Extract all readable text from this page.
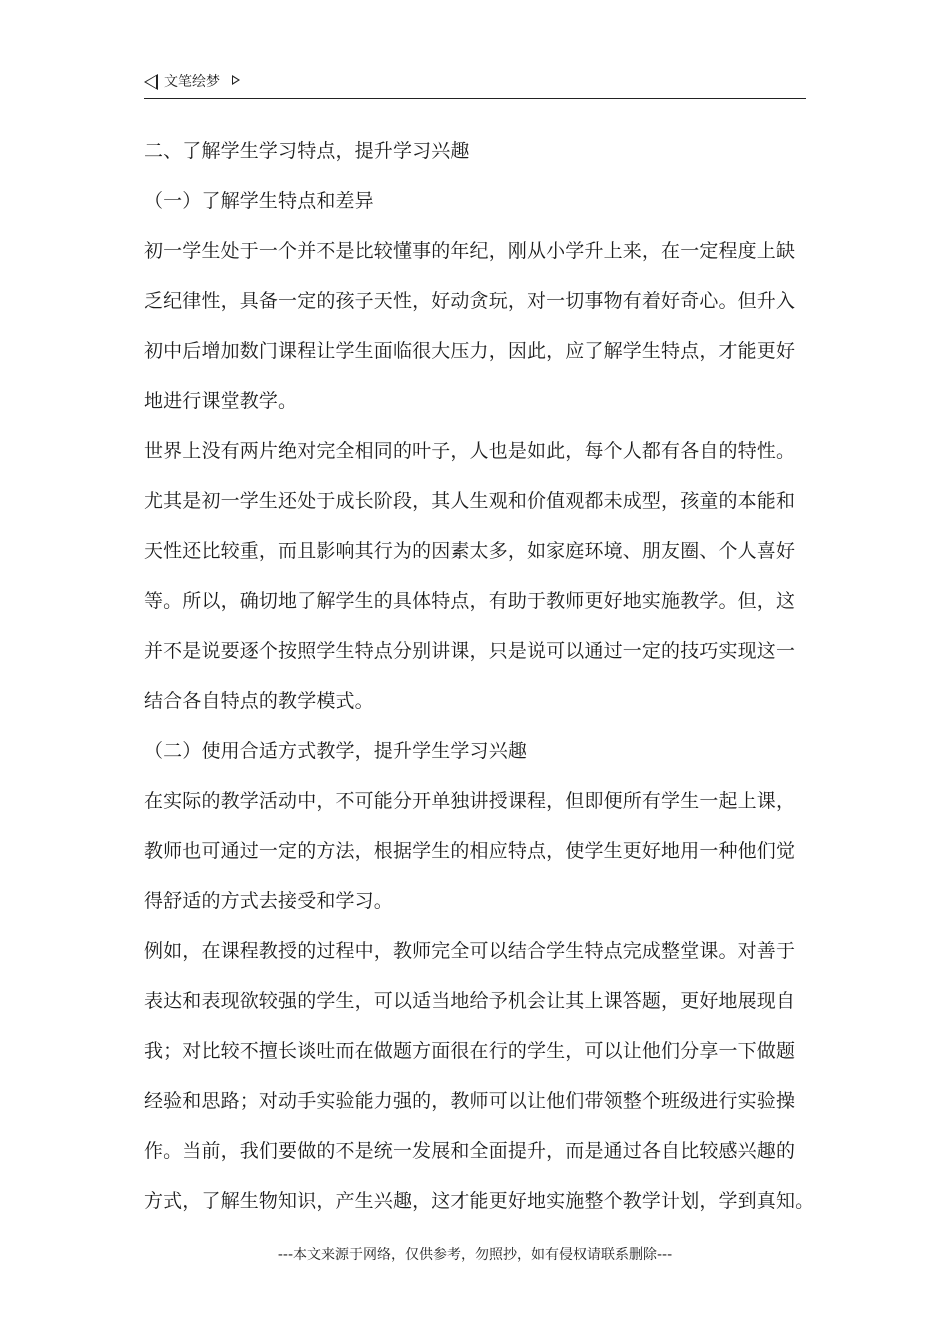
文笔绘梦
二、了解学生学习特点，提升学习兴趣
（一）了解学生特点和差异
初一学生处于一个并不是比较懂事的年纪，刚从小学升上来，在一定程度上缺
乏纪律性，具备一定的孩子天性，好动贪玩，对一切事物有着好奇心。但升入
初中后增加数门课程让学生面临很大压力，因此，应了解学生特点，才能更好
地进行课堂教学。
世界上没有两片绝对完全相同的叶子，人也是如此，每个人都有各自的特性。
尤其是初一学生还处于成长阶段，其人生观和价值观都未成型，孩童的本能和
天性还比较重，而且影响其行为的因素太多，如家庭环境、朋友圈、个人喜好
等。所以，确切地了解学生的具体特点，有助于教师更好地实施教学。但，这
并不是说要逐个按照学生特点分别讲课，只是说可以通过一定的技巧实现这一
结合各自特点的教学模式。
（二）使用合适方式教学，提升学生学习兴趣
在实际的教学活动中，不可能分开单独讲授课程，但即便所有学生一起上课，
教师也可通过一定的方法，根据学生的相应特点，使学生更好地用一种他们觉
得舒适的方式去接受和学习。
例如，在课程教授的过程中，教师完全可以结合学生特点完成整堂课。对善于
表达和表现欲较强的学生，可以适当地给予机会让其上课答题，更好地展现自
我；对比较不擅长谈吐而在做题方面很在行的学生，可以让他们分享一下做题
经验和思路；对动手实验能力强的，教师可以让他们带领整个班级进行实验操
作。当前，我们要做的不是统一发展和全面提升，而是通过各自比较感兴趣的
方式，了解生物知识，产生兴趣，这才能更好地实施整个教学计划，学到真知。
---本文来源于网络，仅供参考，勿照抄，如有侵权请联系删除---
